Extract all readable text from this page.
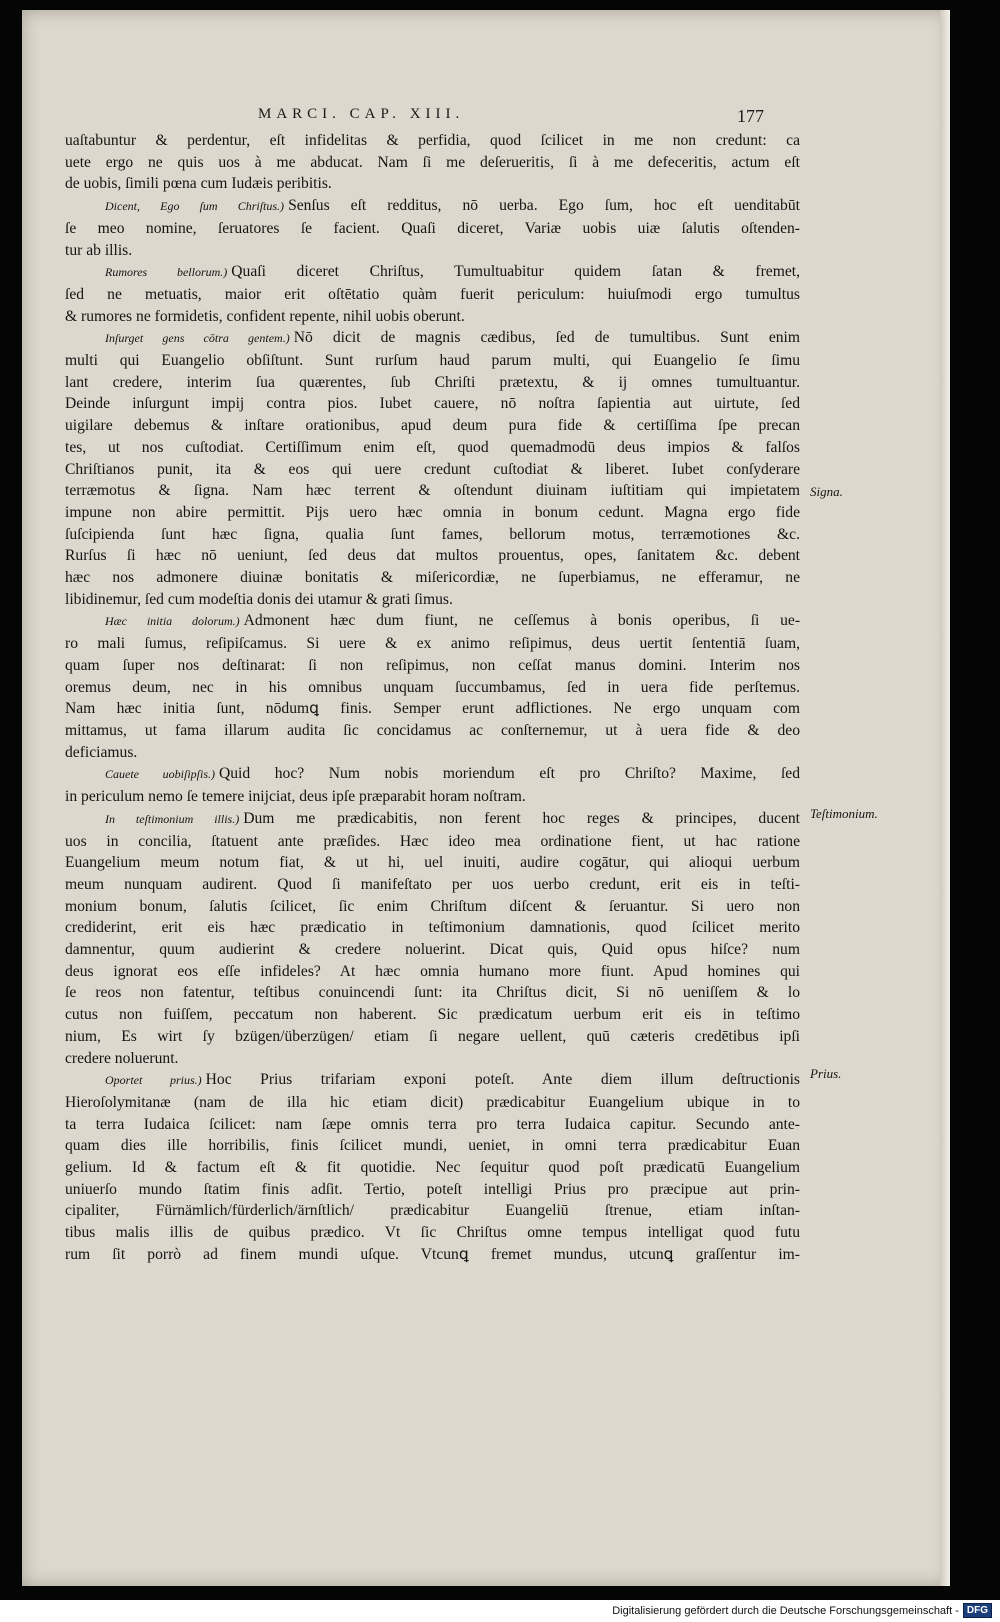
MARCI. CAP. XIII.	177
uaſtabuntur & perdentur, eſt infidelitas & perfidia, quod ſcilicet in me non credunt: ca
uete ergo ne quis uos à me abducat. Nam ſi me deſerueritis, ſi à me defeceritis, actum eſt
de uobis, ſimili pœna cum Iudæis peribitis.
Dicent, Ego ſum Chriſtus.) Senſus eſt redditus, nō uerba. Ego ſum, hoc eſt uenditabūt
ſe meo nomine, ſeruatores ſe facient. Quaſi diceret, Variæ uobis uiæ ſalutis oſtenden-
tur ab illis.
Rumores bellorum.) Quaſi diceret Chriſtus, Tumultuabitur quidem ſatan & fremet,
ſed ne metuatis, maior erit oſtētatio quàm fuerit periculum: huiuſmodi ergo tumultus
& rumores ne formidetis, confident repente, nihil uobis oberunt.
Inſurget gens cōtra gentem.) Nō dicit de magnis cædibus, ſed de tumultibus. Sunt enim
multi qui Euangelio obſiſtunt. Sunt rurſum haud parum multi, qui Euangelio ſe ſimu
lant credere, interim ſua quærentes, ſub Chriſti prætextu, & ij omnes tumultuantur.
Deinde inſurgunt impij contra pios. Iubet cauere, nō noſtra ſapientia aut uirtute, ſed
uigilare debemus & inſtare orationibus, apud deum pura fide & certiſſima ſpe precan
tes, ut nos cuſtodiat. Certiſſimum enim eſt, quod quemadmodū deus impios & falſos
Chriſtianos punit, ita & eos qui uere credunt cuſtodiat & liberet. Iubet conſyderare
terræmotus & ſigna. Nam hæc terrent & oſtendunt diuinam iuſtitiam qui impietatem
impune non abire permittit. Pijs uero hæc omnia in bonum cedunt. Magna ergo fide
ſuſcipienda ſunt hæc ſigna, qualia ſunt fames, bellorum motus, terræmotiones &c.
Rurſus ſi hæc nō ueniunt, ſed deus dat multos prouentus, opes, ſanitatem &c. debent
hæc nos admonere diuinæ bonitatis & miſericordiæ, ne ſuperbiamus, ne efferamur, ne
libidinemur, ſed cum modeſtia donis dei utamur & grati ſimus.
Hæc initia dolorum.) Admonent hæc dum fiunt, ne ceſſemus à bonis operibus, ſi ue-
ro mali ſumus, reſipiſcamus. Si uere & ex animo reſipimus, deus uertit ſententiā ſuam,
quam ſuper nos deſtinarat: ſi non reſipimus, non ceſſat manus domini. Interim nos
oremus deum, nec in his omnibus unquam ſuccumbamus, ſed in uera fide perſtemus.
Nam hæc initia ſunt, nōdumꝗ finis. Semper erunt adflictiones. Ne ergo unquam com
mittamus, ut fama illarum audita ſic concidamus ac conſternemur, ut à uera fide & deo
deficiamus.
Cauete uobiſipſis.) Quid hoc? Num nobis moriendum eſt pro Chriſto? Maxime, ſed
in periculum nemo ſe temere inijciat, deus ipſe præparabit horam noſtram.
In teſtimonium illis.) Dum me prædicabitis, non ferent hoc reges & principes, ducent
uos in concilia, ſtatuent ante præſides. Hæc ideo mea ordinatione fient, ut hac ratione
Euangelium meum notum fiat, & ut hi, uel inuiti, audire cogātur, qui alioqui uerbum
meum nunquam audirent. Quod ſi manifeſtato per uos uerbo credunt, erit eis in teſti-
monium bonum, ſalutis ſcilicet, ſic enim Chriſtum diſcent & ſeruantur. Si uero non
crediderint, erit eis hæc prædicatio in teſtimonium damnationis, quod ſcilicet merito
damnentur, quum audierint & credere noluerint. Dicat quis, Quid opus hiſce? num
deus ignorat eos eſſe infideles? At hæc omnia humano more fiunt. Apud homines qui
ſe reos non fatentur, teſtibus conuincendi ſunt: ita Chriſtus dicit, Si nō ueniſſem & lo
cutus non fuiſſem, peccatum non haberent. Sic prædicatum uerbum erit eis in teſtimo
nium, Es wirt ſy bzügen/überzügen/ etiam ſi negare uellent, quū cæteris credētibus ipſi
credere noluerunt.
Oportet prius.) Hoc Prius trifariam exponi poteſt. Ante diem illum deſtructionis
Hieroſolymitanæ (nam de illa hic etiam dicit) prædicabitur Euangelium ubique in to
ta terra Iudaica ſcilicet: nam ſæpe omnis terra pro terra Iudaica capitur. Secundo ante-
quam dies ille horribilis, finis ſcilicet mundi, ueniet, in omni terra prædicabitur Euan
gelium. Id & factum eſt & fit quotidie. Nec ſequitur quod poſt prædicatū Euangelium
uniuerſo mundo ſtatim finis adſit. Tertio, poteſt intelligi Prius pro præcipue aut prin-
cipaliter, Fürnämlich/fürderlich/ärnſtlich/ prædicabitur Euangeliū ſtrenue, etiam inſtan-
tibus malis illis de quibus prædico. Vt ſic Chriſtus omne tempus intelligat quod futu
rum ſit porrò ad finem mundi uſque. Vtcunꝗ fremet mundus, utcunꝗ graſſentur im-
Signa.
Teſtimonium.
Prius.
Digitalisierung gefördert durch die Deutsche Forschungsgemeinschaft - DFG
